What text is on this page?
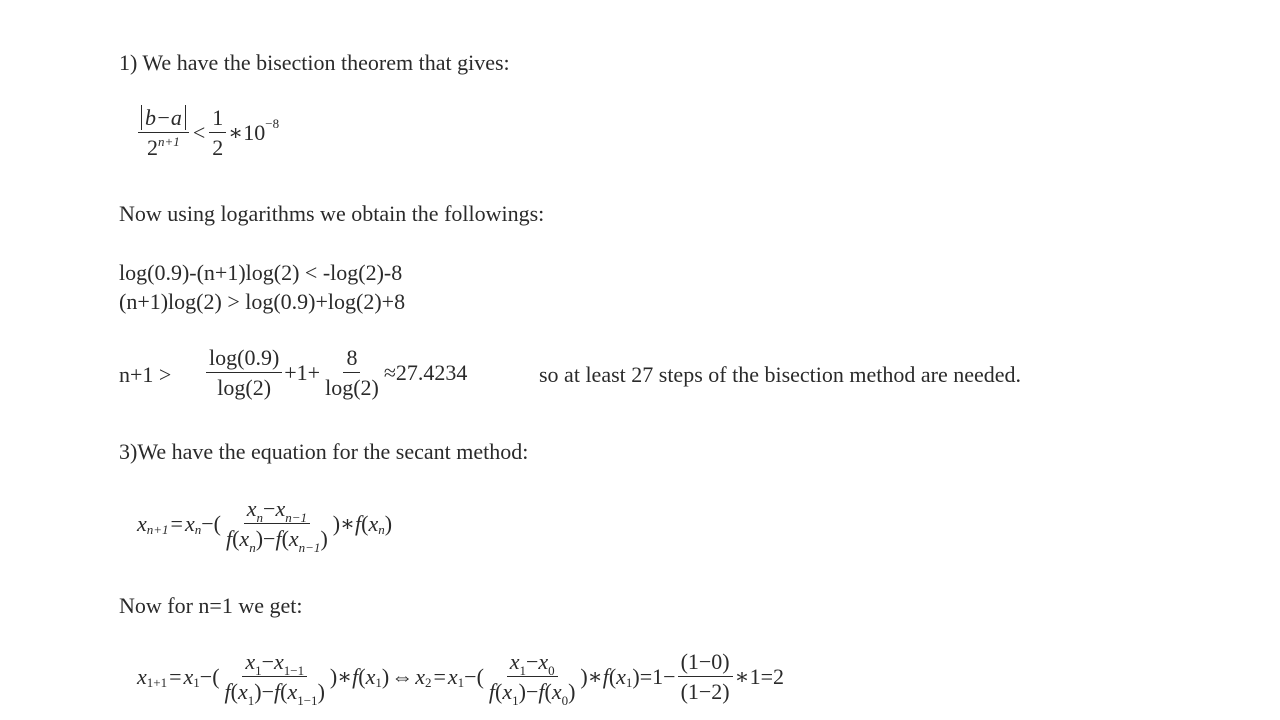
1) We have the bisection theorem that gives:
$\frac{b-a}{2^{n+1}} < \frac{1}{2}$ ∗10 −8
Now using logarithms we obtain the followings:
log(0.9)-(n+1)log(2) < -log(2)-8
(n+1)log(2) > log(0.9)+log(2)+8
$n+1 > \frac{\log(0.9)}{\log(2)} +1+ \frac{8}{\log(2)} \approx 27.4234$	so at least 27 steps of the bisection method are needed.
3)We have the equation for the secant method:
x n+1 = x n −( $\frac{x_n-x_{n-1}}{f(x_n)-f(x_{n-1})}$ )∗ f ( x n )
Now for n=1 we get:
x 1+1 = x 1 −( $\frac{x_1-x_{1-1}}{f(x_1)-f(x_{1-1})}$ )∗ f ( x 1 ) ⇔ x 2 = x 1 −( $\frac{x_1-x_0}{f(x_1)-f(x_0)}$ )∗ f ( x 1 ) $=1- \frac{(1-0)}{(1-2)}$ ∗1=2
